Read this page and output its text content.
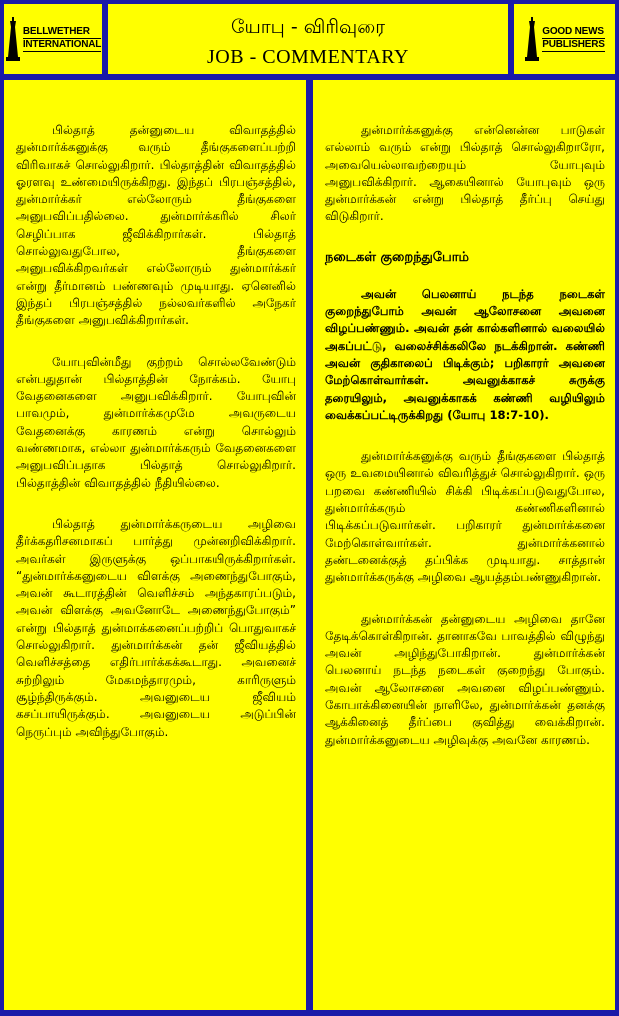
BELLWETHER
INTERNATIONAL
யோபு - விரிவுரை
JOB - COMMENTARY
GOOD NEWS
PUBLISHERS

பில்தாத் தன்னுடைய விவாதத்தில் துன்மார்க்கனுக்கு வரும் தீங்குகளைப்பற்றி விரிவாகச் சொல்லுகிறார். பில்தாத்தின் விவாதத்தில் ஓரளவு உண்மையிருக்கிறது. இந்தப் பிரபஞ்சத்தில், துன்மார்க்கர் எல்லோரும் தீங்குகளை அனுபவிப்பதில்லை. துன்மார்க்கரில் சிலர் செழிப்பாக ஜீவிக்கிறார்கள். பில்தாத் சொல்லுவதுபோல, தீங்குகளை அனுபவிக்கிறவர்கள் எல்லோரும் துன்மார்க்கர் என்று தீர்மானம் பண்ணவும் முடியாது. ஏனெனில் இந்தப் பிரபஞ்சத்தில் நல்லவர்களில் அநேகர் தீங்குகளை அனுபவிக்கிறார்கள்.

யோபுவின்மீது குற்றம் சொல்லவேண்டும் என்பதுதான் பில்தாத்தின் நோக்கம். யோபு வேதனைகளை அனுபவிக்கிறார். யோபுவின் பாவமும், துன்மார்க்கமுமே அவருடைய வேதனைக்கு காரணம் என்று சொல்லும் வண்ணமாக, எல்லா துன்மார்க்கரும் வேதனைகளை அனுபவிப்பதாக பில்தாத் சொல்லுகிறார். பில்தாத்தின் விவாதத்தில் நீதியில்லை.

பில்தாத் துன்மார்க்கருடைய அழிவை தீர்க்கதரிசனமாகப் பார்த்து முன்னறிவிக்கிறார். அவர்கள் இருளுக்கு ஒப்பாகயிருக்கிறார்கள். “துன்மார்க்கனுடைய விளக்கு அணைந்துபோகும், அவன் கூடாரத்தின் வெளிச்சம் அந்தகாரப்படும், அவன் விளக்கு அவனோடே அணைந்துபோகும்” என்று பில்தாத் துன்மாக்கனைப்பற்றிப் பொதுவாகச் சொல்லுகிறார். துன்மார்க்கன் தன் ஜீவியத்தில் வெளிச்சத்தை எதிர்பார்க்கக்கூடாது. அவனைச் சுற்றிலும் மேகமந்தாரமும், காரிருளும் சூழ்ந்திருக்கும். அவனுடைய ஜீவியம் கசப்பாயிருக்கும். அவனுடைய அடுப்பின் நெருப்பும் அவிந்துபோகும்.

துன்மார்க்கனுக்கு என்னென்ன பாடுகள் எல்லாம் வரும் என்று பில்தாத் சொல்லுகிறாரோ, அவையெல்லாவற்றையும் யோபுவும் அனுபவிக்கிறார். ஆகையினால் யோபுவும் ஒரு துன்மார்க்கன் என்று பில்தாத் தீர்ப்பு செய்து விடுகிறார்.

நடைகள் குறைந்துபோம்

அவன் பெலனாய் நடந்த நடைகள் குறைந்துபோம் அவன் ஆலோசனை அவனை விழப்பண்ணும். அவன் தன் கால்களினால் வலையில் அகப்பட்டு, வலைச்சிக்கலிலே நடக்கிறான். கண்ணி அவன் குதிகாலைப் பிடிக்கும்; பறிகாரர் அவனை மேற்கொள்வார்கள். அவனுக்காகச் சுருக்கு தரையிலும், அவனுக்காகக் கண்ணி வழியிலும் வைக்கப்பட்டிருக்கிறது (யோபு 18:7-10).

துன்மார்க்கனுக்கு வரும் தீங்குகளை பில்தாத் ஒரு உவமையினால் விவரித்துச் சொல்லுகிறார். ஒரு பறவை கண்ணியில் சிக்கி பிடிக்கப்படுவதுபோல, துன்மார்க்கரும் கண்ணிகளினால் பிடிக்கப்படுவார்கள். பறிகாரர் துன்மார்க்கனை மேற்கொள்வார்கள். துன்மார்க்கனால் தண்டனைக்குத் தப்பிக்க முடியாது. சாத்தான் துன்மார்க்கருக்கு அழிவை ஆயத்தம்பண்ணுகிறான்.

துன்மார்க்கன் தன்னுடைய அழிவை தானே தேடிக்கொள்கிறான். தானாகவே பாவத்தில் விழுந்து அவன் அழிந்துபோகிறான். துன்மார்க்கன் பெலனாய் நடந்த நடைகள் குறைந்து போகும். அவன் ஆலோசனை அவனை விழப்பண்ணும். கோபாக்கினையின் நாளிலே, துன்மார்க்கன் தனக்கு ஆக்கினைத் தீர்ப்பை குவித்து வைக்கிறான். துன்மார்க்கனுடைய அழிவுக்கு அவனே காரணம்.
